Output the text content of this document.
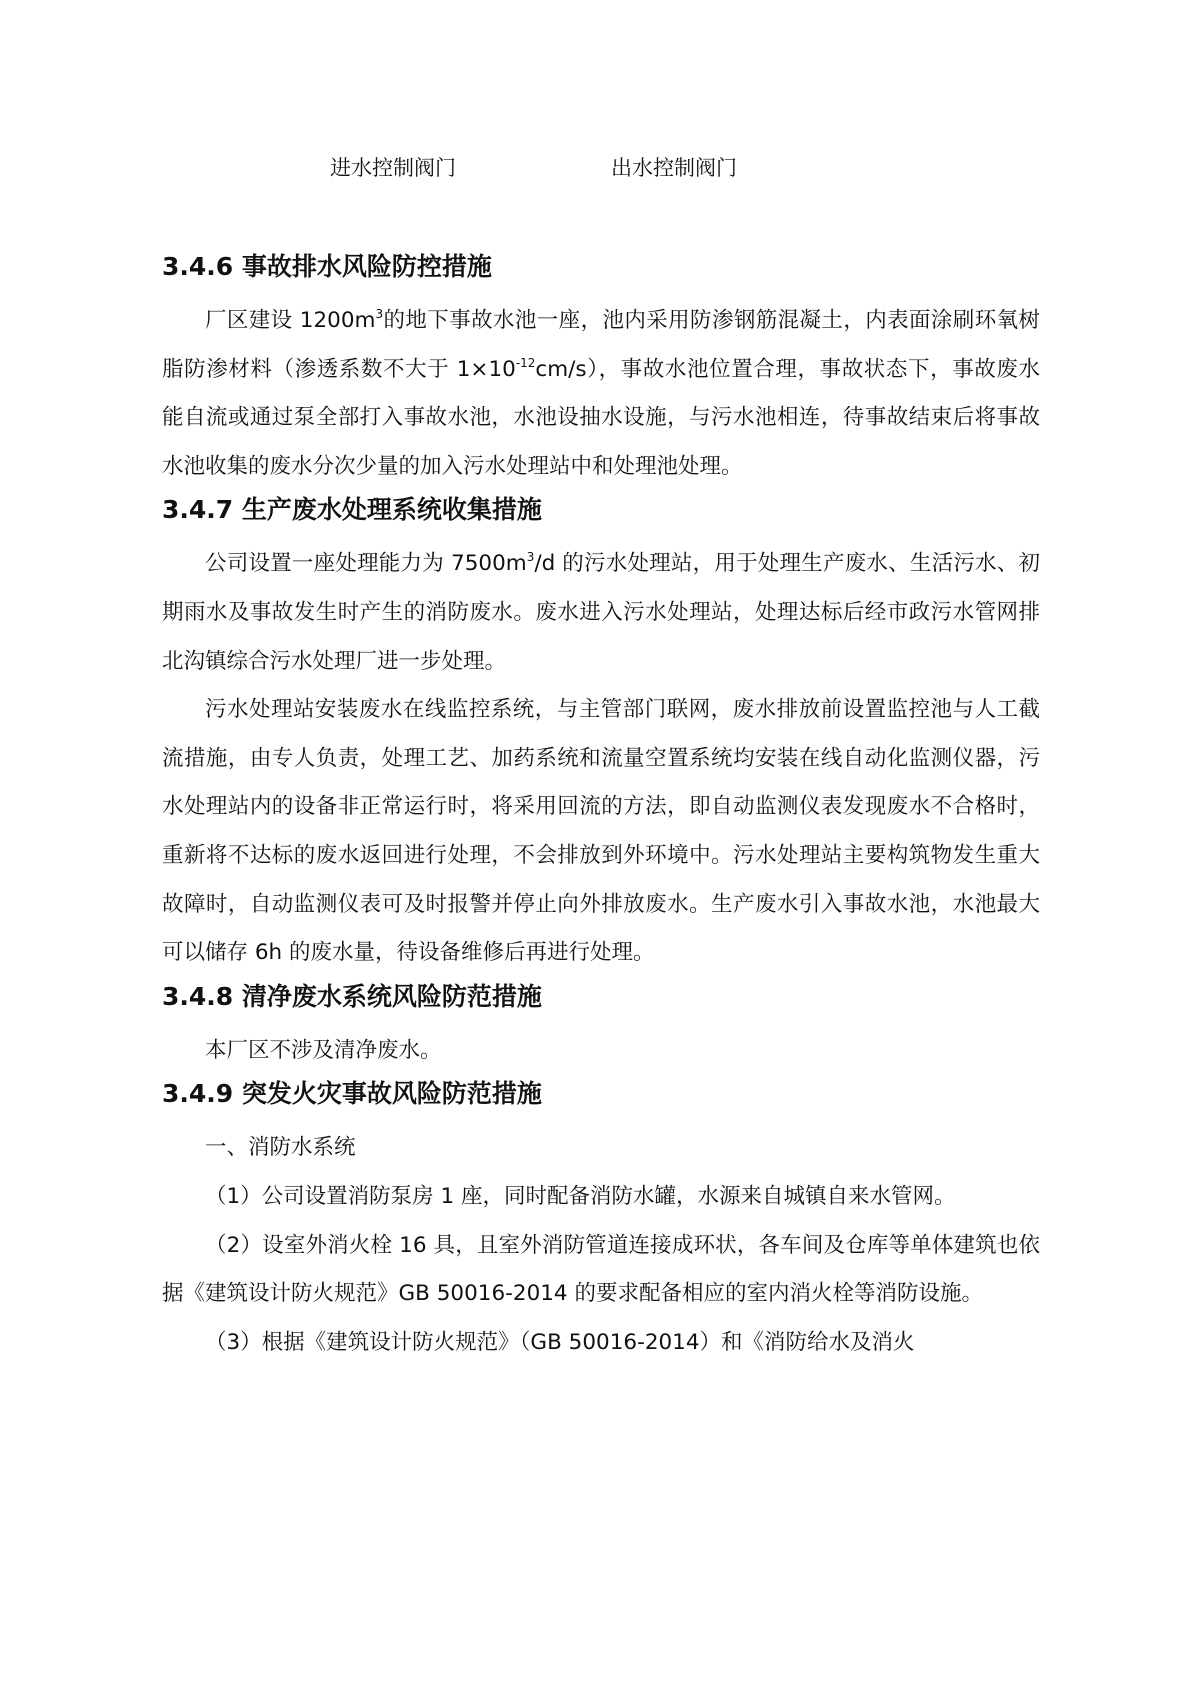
进水控制阀门	出水控制阀门
3.4.6 事故排水风险防控措施

厂区建设 $1200m^3$的地下事故水池一座，池内采用防渗钢筋混凝土，内表面涂刷环氧树脂防渗材料（渗透系数不大于 $1\times 10^{-12}cm/s$），事故水池位置合理，事故状态下，事故废水能自流或通过泵全部打入事故水池，水池设抽水设施，与污水池相连，待事故结束后将事故水池收集的废水分次少量的加入污水处理站中和处理池处理。

3.4.7 生产废水处理系统收集措施

公司设置一座处理能力为 $7500m^3/d$ 的污水处理站，用于处理生产废水、生活污水、初期雨水及事故发生时产生的消防废水。废水进入污水处理站，处理达标后经市政污水管网排北沟镇综合污水处理厂进一步处理。

污水处理站安装废水在线监控系统，与主管部门联网，废水排放前设置监控池与人工截流措施，由专人负责，处理工艺、加药系统和流量空置系统均安装在线自动化监测仪器，污水处理站内的设备非正常运行时，将采用回流的方法，即自动监测仪表发现废水不合格时，重新将不达标的废水返回进行处理，不会排放到外环境中。污水处理站主要构筑物发生重大故障时，自动监测仪表可及时报警并停止向外排放废水。生产废水引入事故水池，水池最大可以储存 6h 的废水量，待设备维修后再进行处理。

3.4.8 清净废水系统风险防范措施

本厂区不涉及清净废水。

3.4.9 突发火灾事故风险防范措施

一、消防水系统

（1）公司设置消防泵房 1 座，同时配备消防水罐，水源来自城镇自来水管网。

（2）设室外消火栓 16 具，且室外消防管道连接成环状，各车间及仓库等单体建筑也依据《建筑设计防火规范》GB 50016-2014 的要求配备相应的室内消火栓等消防设施。

（3）根据《建筑设计防火规范》（GB 50016-2014）和《消防给水及消火
